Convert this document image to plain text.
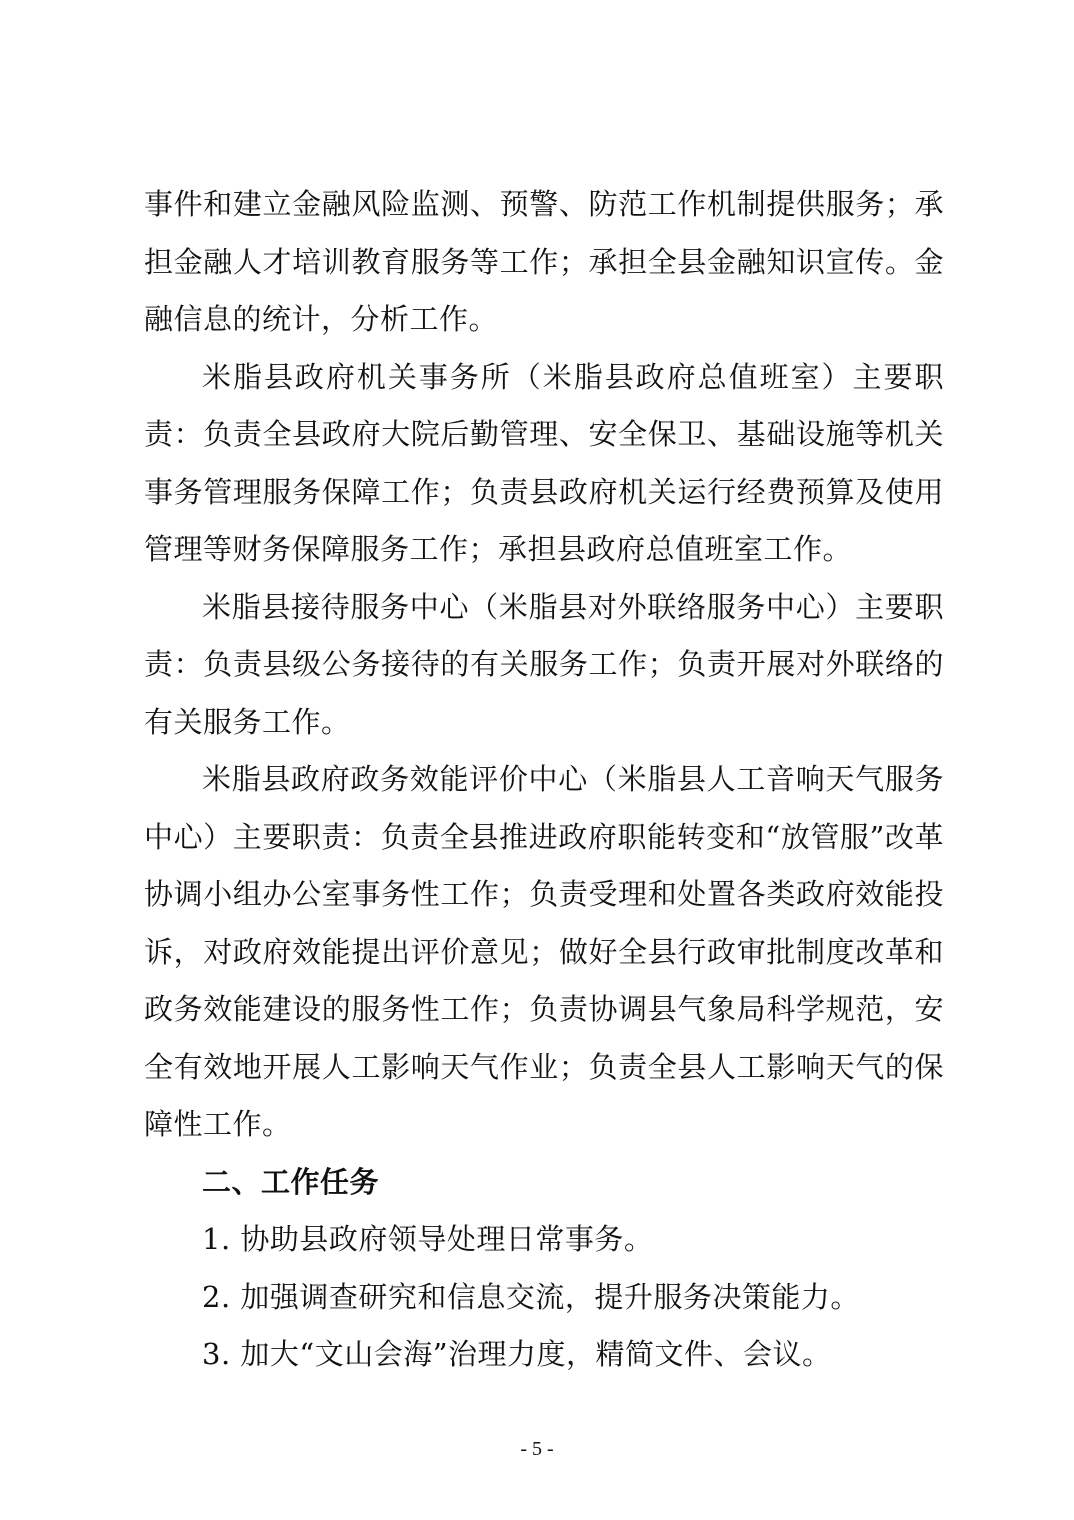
事件和建立金融风险监测、预警、防范工作机制提供服务；承担金融人才培训教育服务等工作；承担全县金融知识宣传。金融信息的统计，分析工作。

米脂县政府机关事务所（米脂县政府总值班室）主要职责：负责全县政府大院后勤管理、安全保卫、基础设施等机关事务管理服务保障工作；负责县政府机关运行经费预算及使用管理等财务保障服务工作；承担县政府总值班室工作。

米脂县接待服务中心（米脂县对外联络服务中心）主要职责：负责县级公务接待的有关服务工作；负责开展对外联络的有关服务工作。

米脂县政府政务效能评价中心（米脂县人工音响天气服务中心）主要职责：负责全县推进政府职能转变和“放管服”改革协调小组办公室事务性工作；负责受理和处置各类政府效能投诉，对政府效能提出评价意见；做好全县行政审批制度改革和政务效能建设的服务性工作；负责协调县气象局科学规范，安全有效地开展人工影响天气作业；负责全县人工影响天气的保障性工作。

二、工作任务

1. 协助县政府领导处理日常事务。

2. 加强调查研究和信息交流，提升服务决策能力。

3. 加大“文山会海”治理力度，精简文件、会议。

- 5 -
